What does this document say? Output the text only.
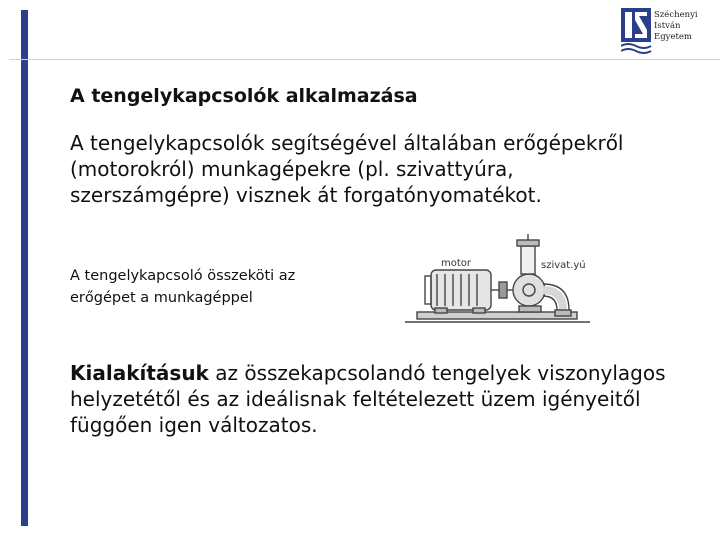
Széchenyi
István
Egyetem
A tengelykapcsolók alkalmazása

A tengelykapcsolók segítségével általában erőgépekről (motorokról) munkagépekre (pl. szivattyúra, szerszámgépre) visznek át forgatónyomatékot.

A tengelykapcsoló összeköti az erőgépet a munkagéppel

motor	szivat.yú

Kialakításuk az összekapcsolandó tengelyek viszonylagos helyzetétől és az ideálisnak feltételezett üzem igényeitől függően igen változatos.
